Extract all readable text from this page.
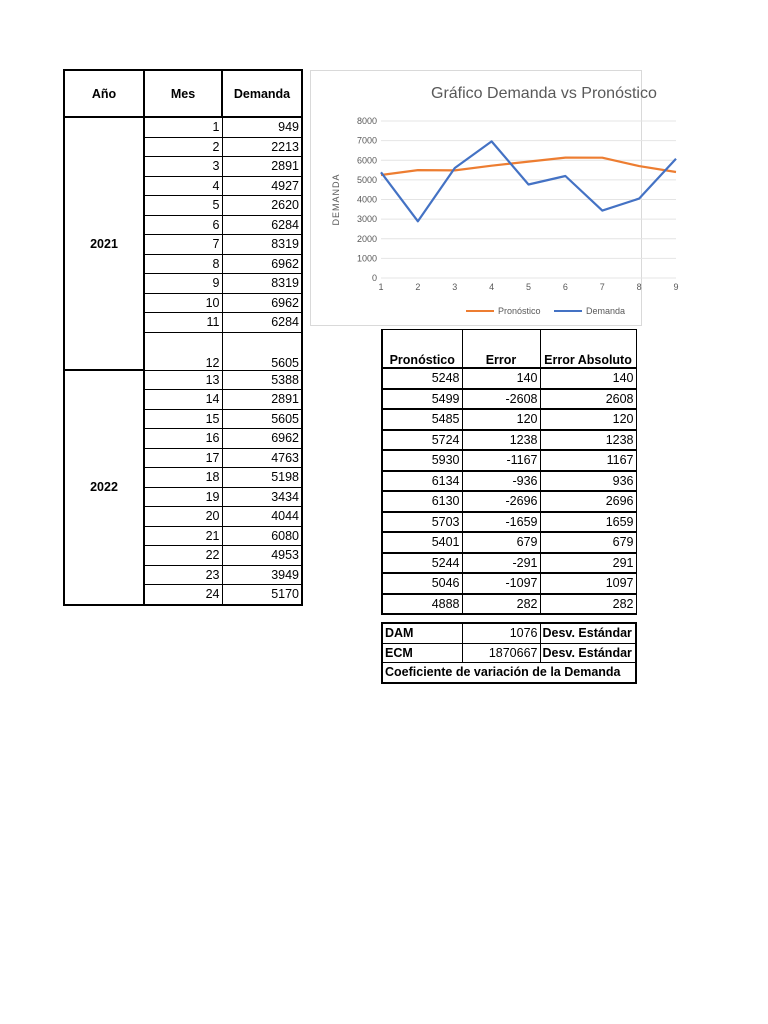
Año	Mes	Demanda
2021	1	949
	2	2213
	3	2891
	4	4927
	5	2620
	6	6284
	7	8319
	8	6962
	9	8319
	10	6962
	11	6284
	12	5605
2022	13	5388
	14	2891
	15	5605
	16	6962
	17	4763
	18	5198
	19	3434
	20	4044
	21	6080
	22	4953
	23	3949
	24	5170
0
1000
2000
3000
4000
5000
6000
7000
8000
1	2	3	4	5	6	7	8	9
DEMANDA
Pronóstico	Demanda
Gráfico Demanda vs Pronóstico
Pronóstico	Error	Error Absoluto
5248	140	140
5499	-2608	2608
5485	120	120
5724	1238	1238
5930	-1167	1167
6134	-936	936
6130	-2696	2696
5703	-1659	1659
5401	679	679
5244	-291	291
5046	-1097	1097
4888	282	282
DAM	1076	Desv. Estándar
ECM	1870667	Desv. Estándar
Coeficiente de variación de la Demanda		
